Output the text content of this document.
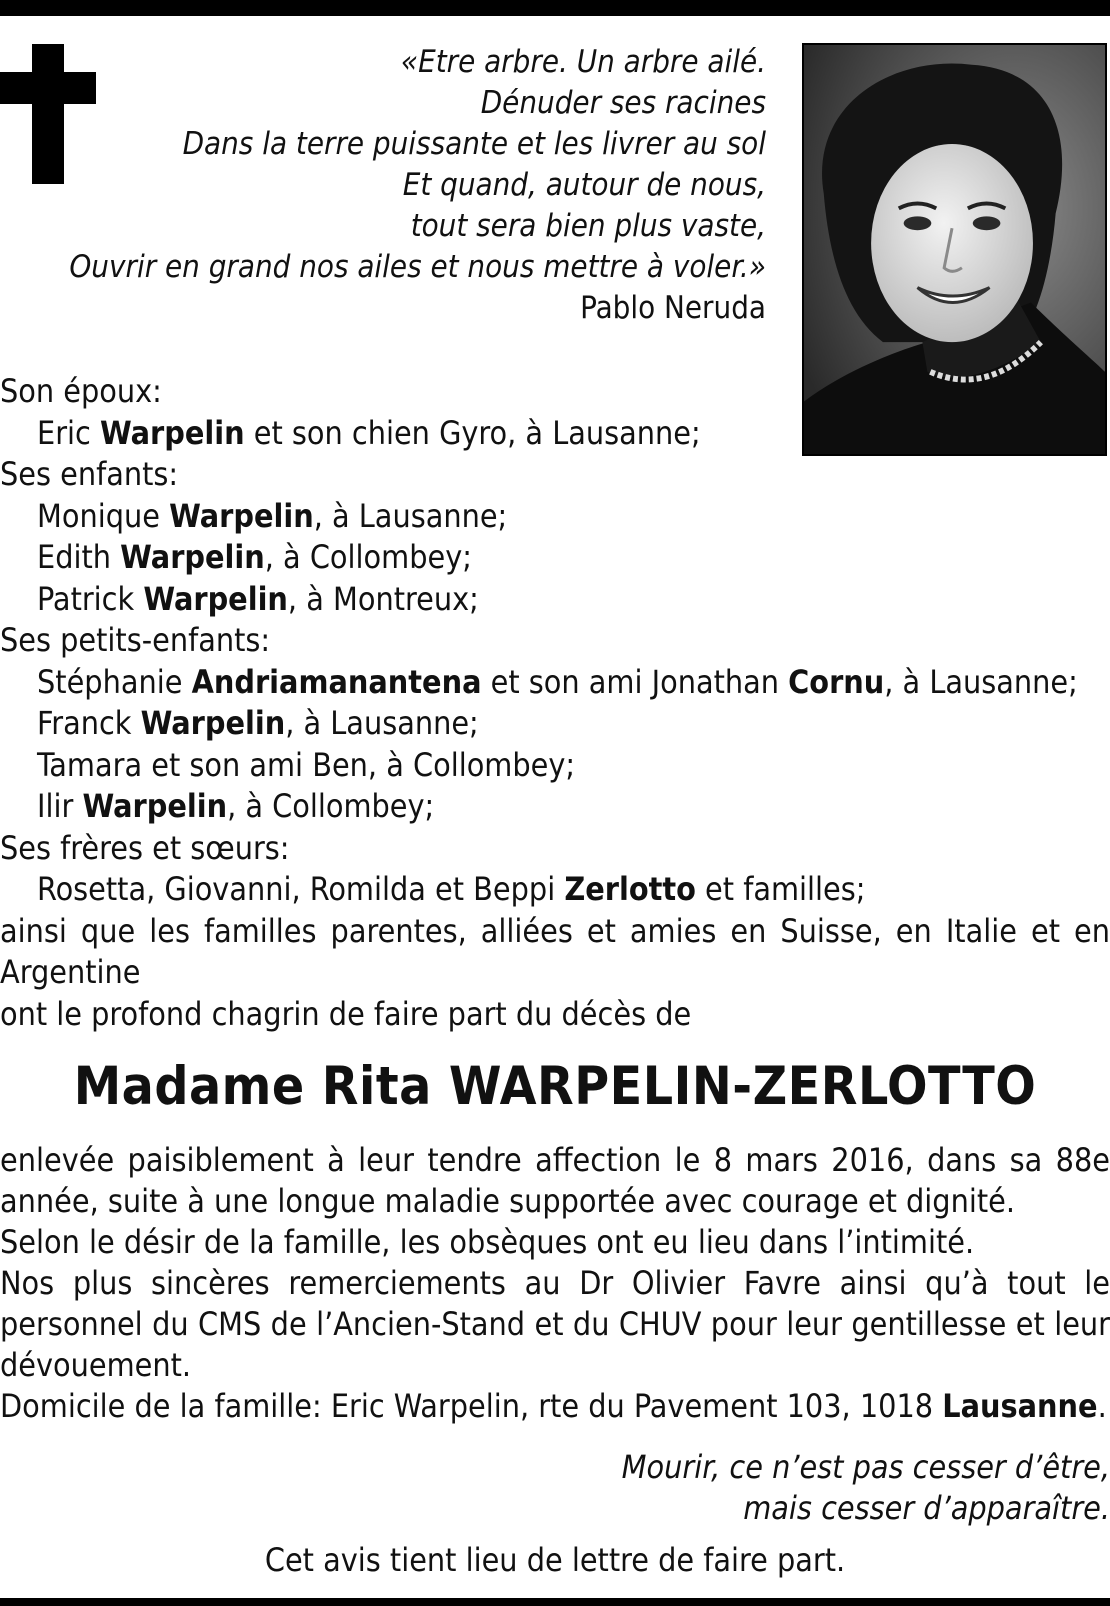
«Etre arbre. Un arbre ailé.
Dénuder ses racines
Dans la terre puissante et les livrer au sol
Et quand, autour de nous,
tout sera bien plus vaste,
Ouvrir en grand nos ailes et nous mettre à voler.»
Pablo Neruda
Son époux:
Eric Warpelin et son chien Gyro, à Lausanne;
Ses enfants:
Monique Warpelin, à Lausanne;
Edith Warpelin, à Collombey;
Patrick Warpelin, à Montreux;
Ses petits-enfants:
Stéphanie Andriamanantena et son ami Jonathan Cornu, à Lausanne;
Franck Warpelin, à Lausanne;
Tamara et son ami Ben, à Collombey;
Ilir Warpelin, à Collombey;
Ses frères et sœurs:
Rosetta, Giovanni, Romilda et Beppi Zerlotto et familles;
ainsi que les familles parentes, alliées et amies en Suisse, en Italie et en Argentine
ont le profond chagrin de faire part du décès de
Madame Rita WARPELIN-ZERLOTTO
enlevée paisiblement à leur tendre affection le 8 mars 2016, dans sa 88e année, suite à une longue maladie supportée avec courage et dignité.
Selon le désir de la famille, les obsèques ont eu lieu dans l’intimité.
Nos plus sincères remerciements au Dr Olivier Favre ainsi qu’à tout le personnel du CMS de l’Ancien-Stand et du CHUV pour leur gentillesse et leur dévouement.
Domicile de la famille: Eric Warpelin, rte du Pavement 103, 1018 Lausanne.
Mourir, ce n’est pas cesser d’être,
mais cesser d’apparaître.
Cet avis tient lieu de lettre de faire part.
